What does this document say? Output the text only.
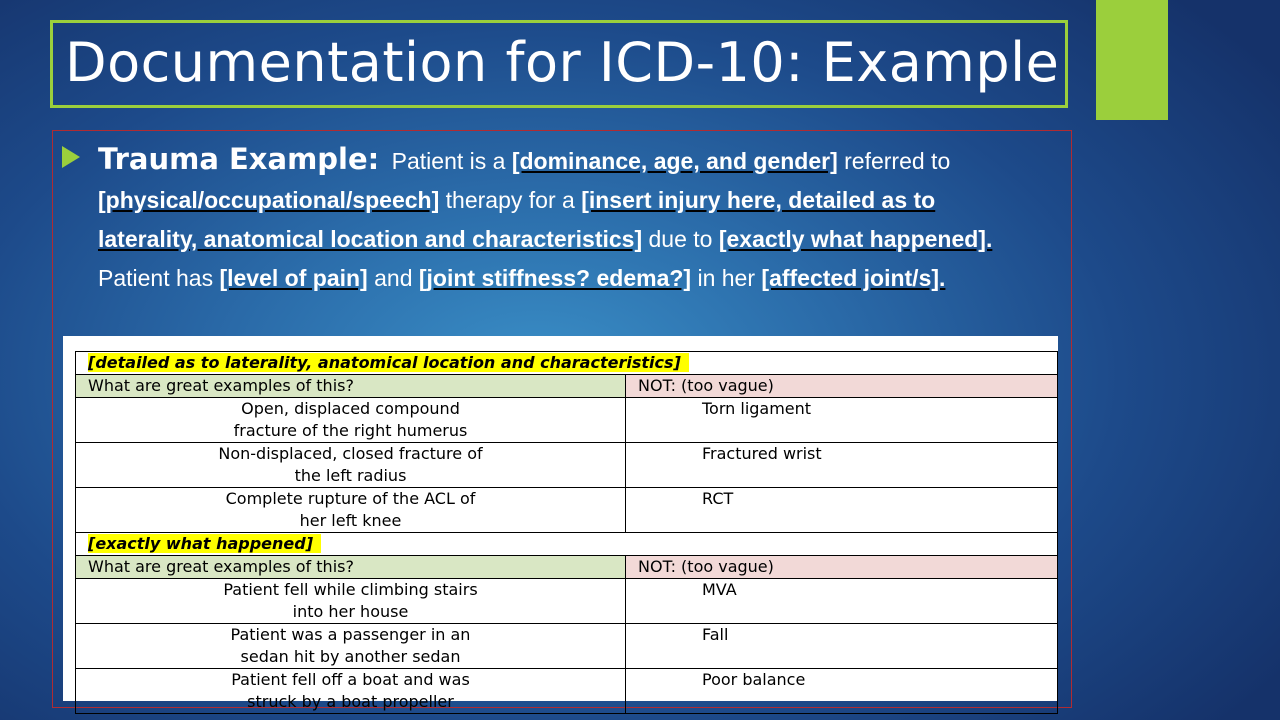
Documentation for ICD-10: Example
Trauma Example: Patient is a [dominance, age, and gender] referred to [physical/occupational/speech] therapy for a [insert injury here, detailed as to laterality, anatomical location and characteristics] due to [exactly what happened]. Patient has [level of pain] and [joint stiffness? edema?] in her [affected joint/s].
[detailed as to laterality, anatomical location and characteristics]	
What are great examples of this?	NOT: (too vague)

Open, displaced compound
fracture of the right humerus	Torn ligament

Non-displaced, closed fracture of
the left radius	Fractured wrist

Complete rupture of the ACL of
her left knee	RCT
[exactly what happened]	
What are great examples of this?	NOT: (too vague)

Patient fell while climbing stairs
into her house	MVA

Patient was a passenger in an
sedan hit by another sedan	Fall

Patient fell off a boat and was
struck by a boat propeller	Poor balance
